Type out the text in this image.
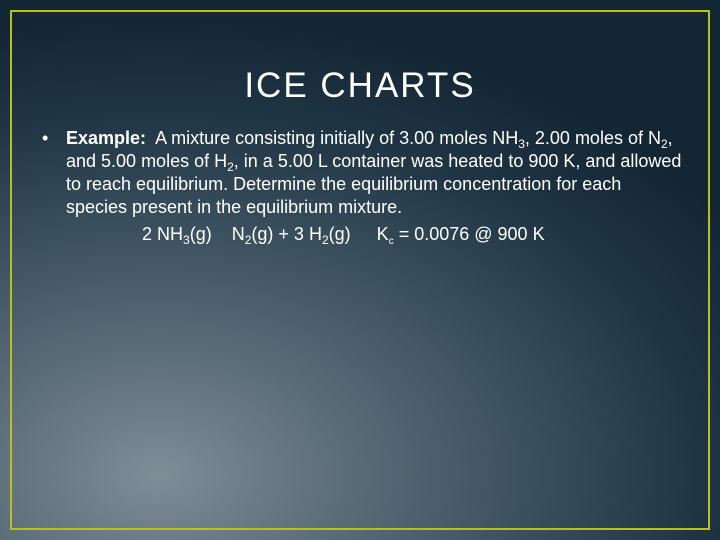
ICE CHARTS
• Example: A mixture consisting initially of 3.00 moles $NH_3$, 2.00 moles of $N_2$, and 5.00 moles of $H_2$, in a 5.00 L container was heated to 900 K, and allowed to reach equilibrium. Determine the equilibrium concentration for each species present in the equilibrium mixture.
2 $NH_3(g) N_2(g) + 3$ $H_2(g) K_c = 0.0076$ @ 900 K
